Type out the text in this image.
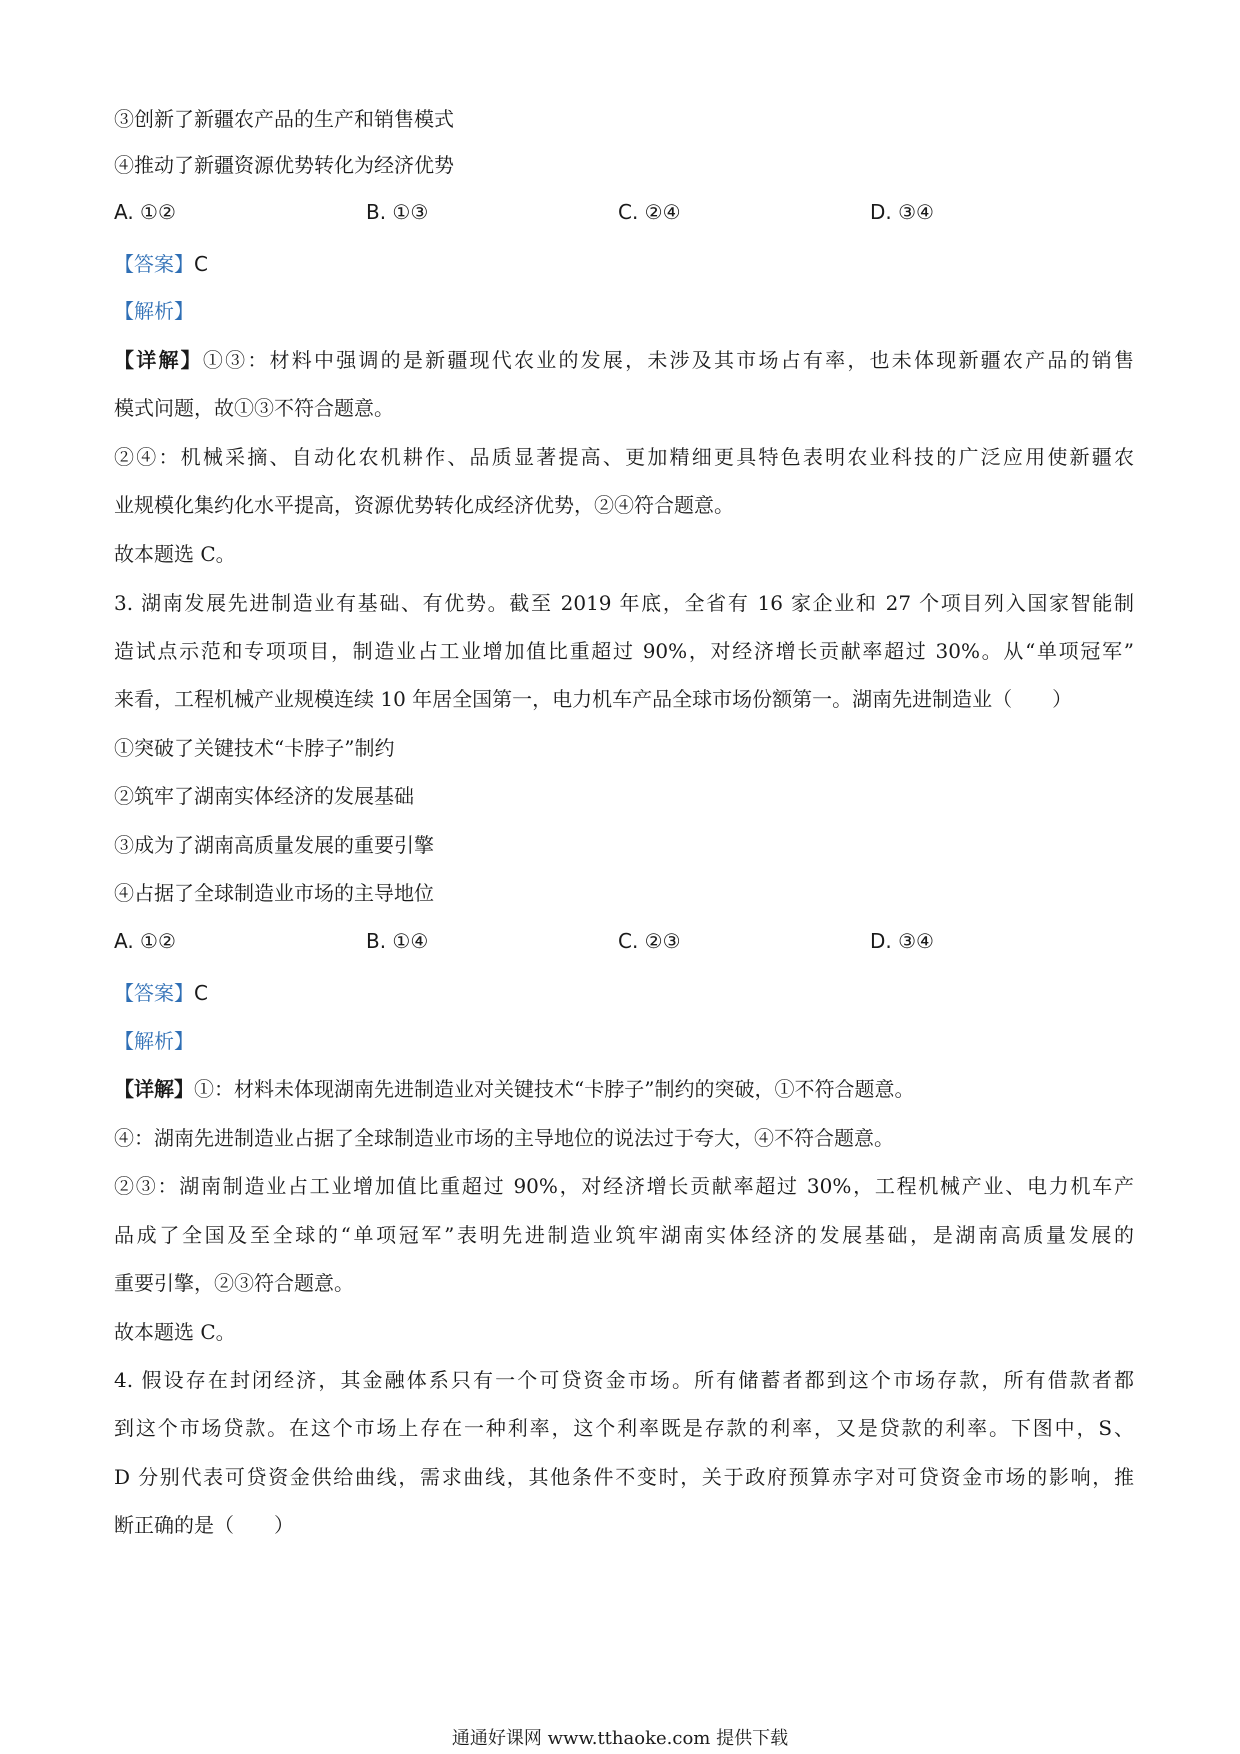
③创新了新疆农产品的生产和销售模式
④推动了新疆资源优势转化为经济优势
A. ①②	B. ①③	C. ②④	D. ③④
【答案】C
【解析】
【详解】①③：材料中强调的是新疆现代农业的发展，未涉及其市场占有率，也未体现新疆农产品的销售
模式问题，故①③不符合题意。
②④：机械采摘、自动化农机耕作、品质显著提高、更加精细更具特色表明农业科技的广泛应用使新疆农
业规模化集约化水平提高，资源优势转化成经济优势，②④符合题意。
故本题选 C。
3. 湖南发展先进制造业有基础、有优势。截至 2019 年底，全省有 16 家企业和 27 个项目列入国家智能制
造试点示范和专项项目，制造业占工业增加值比重超过 90%，对经济增长贡献率超过 30%。从“单项冠军”
来看，工程机械产业规模连续 10 年居全国第一，电力机车产品全球市场份额第一。湖南先进制造业（　　）
①突破了关键技术“卡脖子”制约
②筑牢了湖南实体经济的发展基础
③成为了湖南高质量发展的重要引擎
④占据了全球制造业市场的主导地位
A. ①②	B. ①④	C. ②③	D. ③④
【答案】C
【解析】
【详解】①：材料未体现湖南先进制造业对关键技术“卡脖子”制约的突破，①不符合题意。
④：湖南先进制造业占据了全球制造业市场的主导地位的说法过于夸大，④不符合题意。
②③：湖南制造业占工业增加值比重超过 90%，对经济增长贡献率超过 30%，工程机械产业、电力机车产
品成了全国及至全球的“单项冠军”表明先进制造业筑牢湖南实体经济的发展基础，是湖南高质量发展的
重要引擎，②③符合题意。
故本题选 C。
4. 假设存在封闭经济，其金融体系只有一个可贷资金市场。所有储蓄者都到这个市场存款，所有借款者都
到这个市场贷款。在这个市场上存在一种利率，这个利率既是存款的利率，又是贷款的利率。下图中，S、
D 分别代表可贷资金供给曲线，需求曲线，其他条件不变时，关于政府预算赤字对可贷资金市场的影响，推
断正确的是（　　）
通通好课网 www.tthaoke.com 提供下载
